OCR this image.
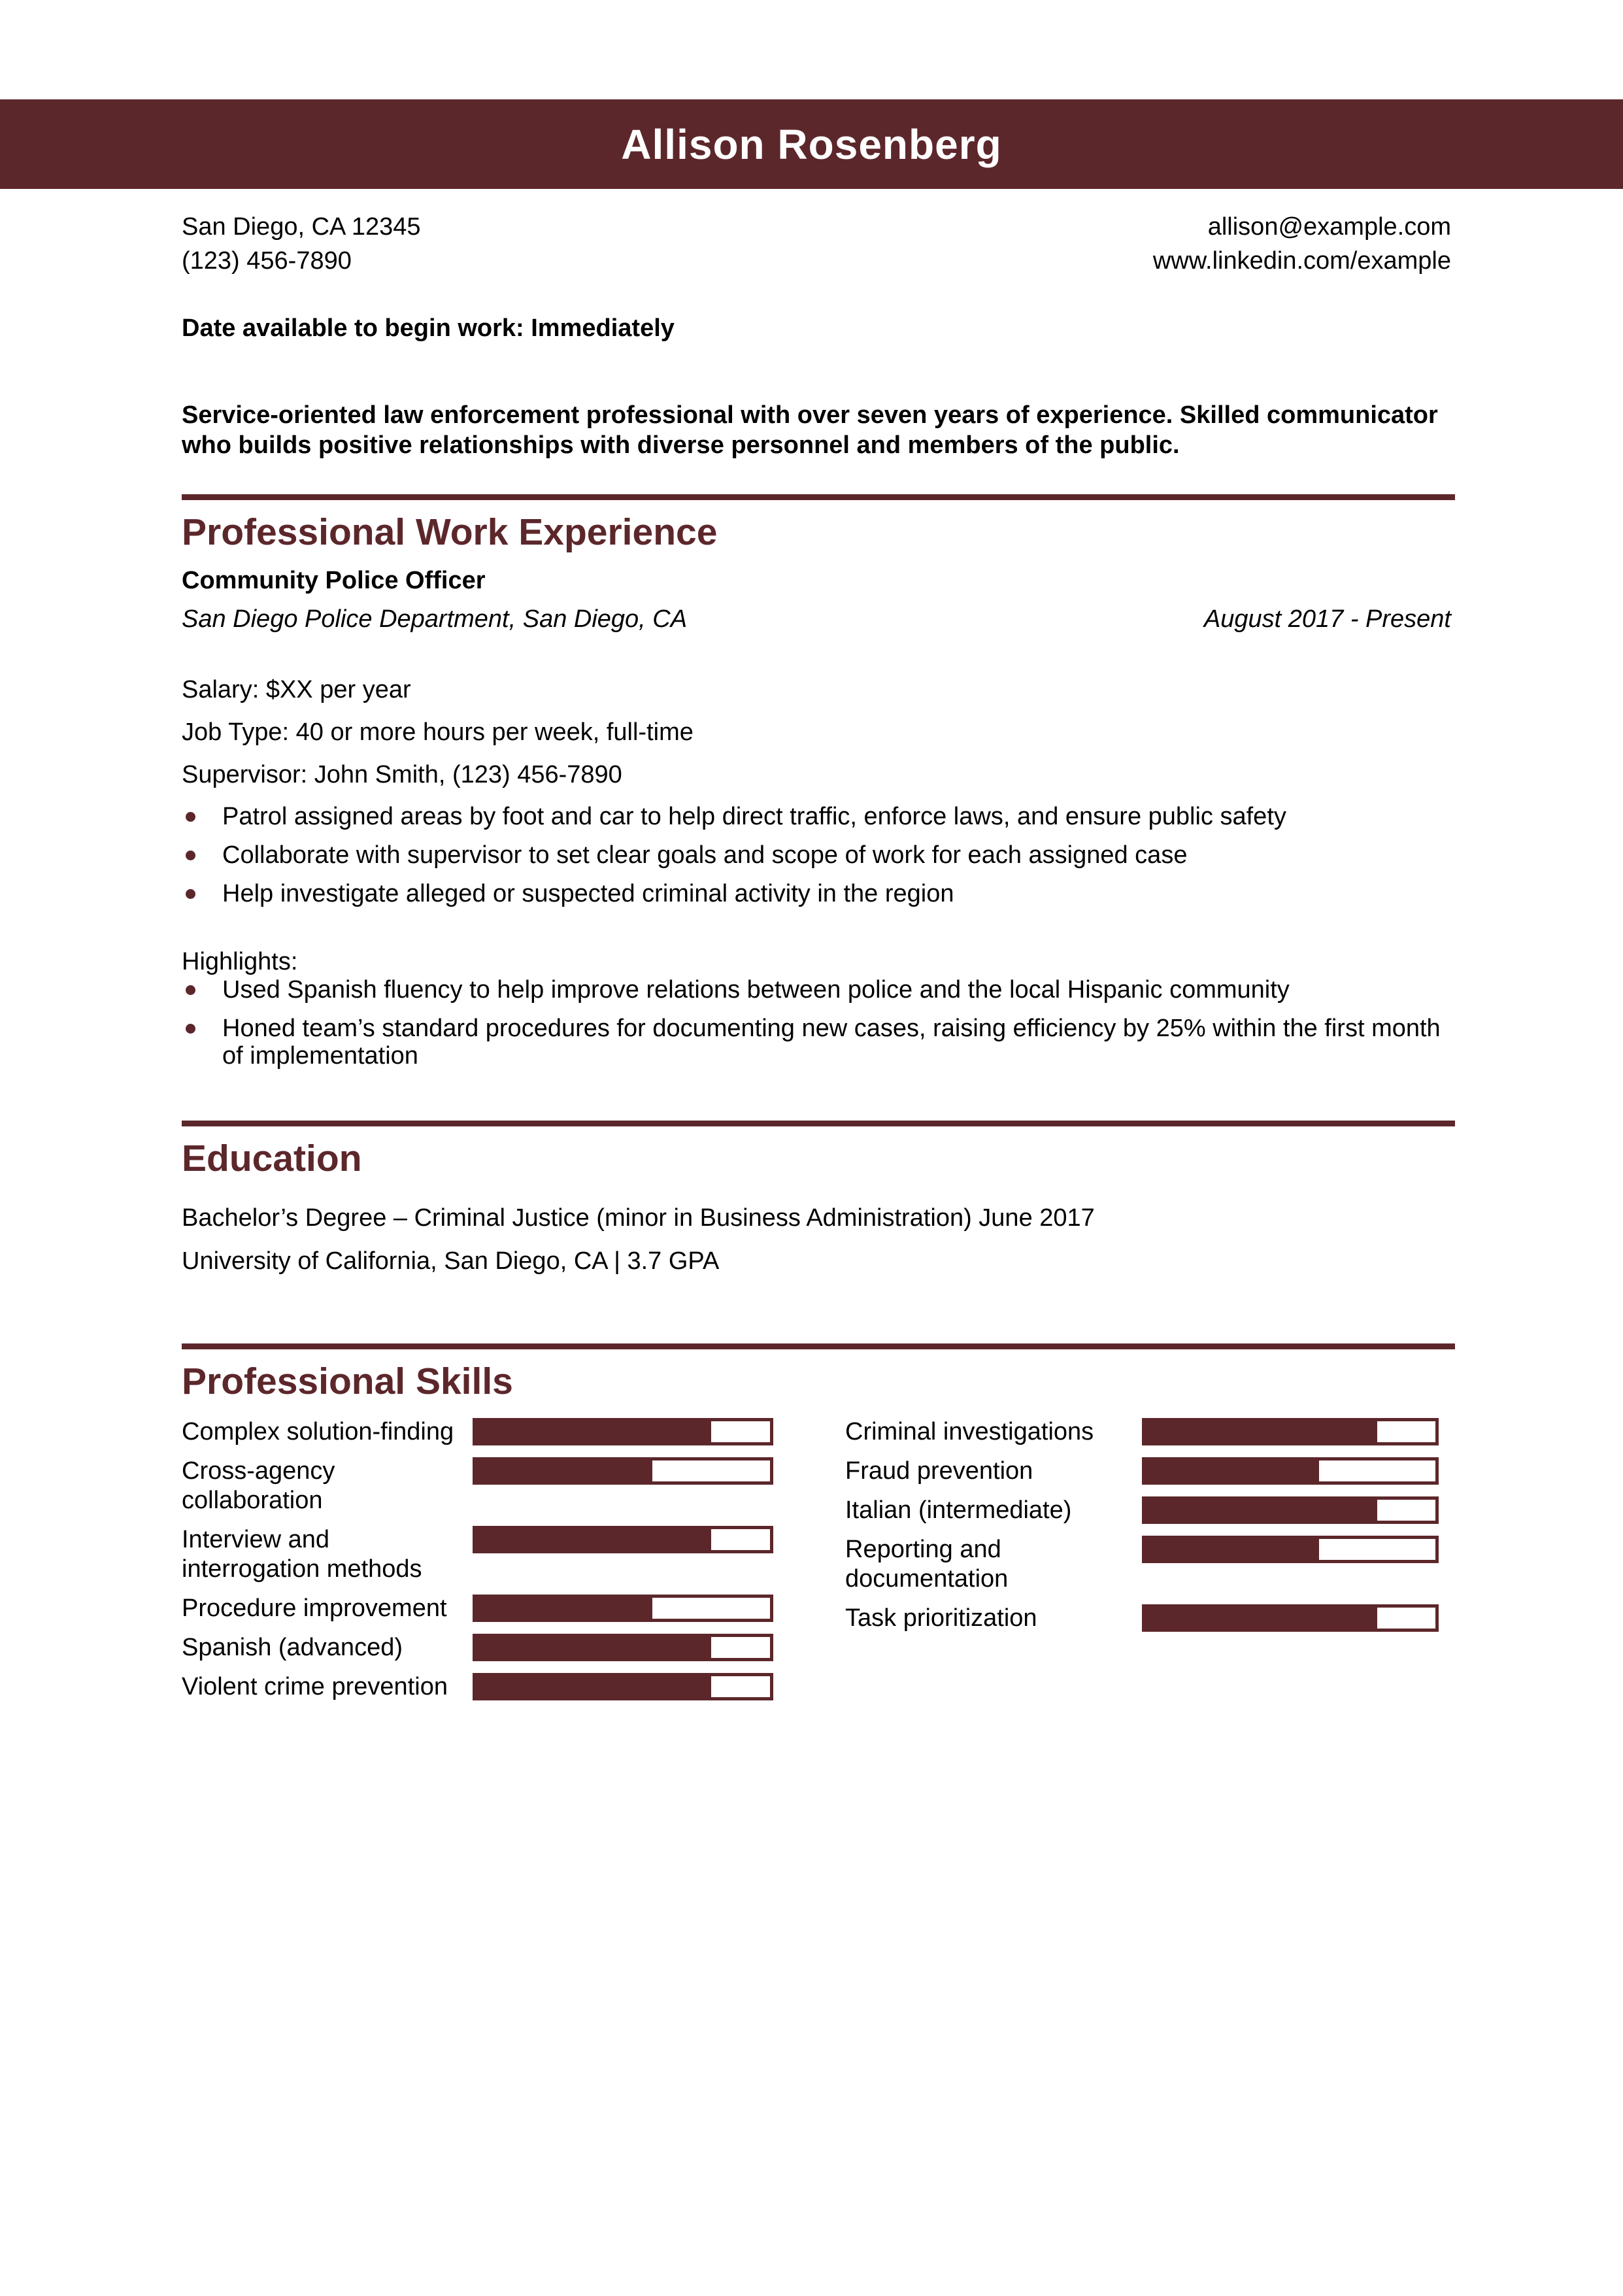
Allison Rosenberg
San Diego, CA 12345
(123) 456-7890
allison@example.com
www.linkedin.com/example

Date available to begin work: Immediately

Service-oriented law enforcement professional with over seven years of experience. Skilled communicator who builds positive relationships with diverse personnel and members of the public.

Professional Work Experience

Community Police Officer

San Diego Police Department, San Diego, CA	August 2017 - Present

Salary: $XX per year

Job Type: 40 or more hours per week, full-time

Supervisor: John Smith, (123) 456-7890

Patrol assigned areas by foot and car to help direct traffic, enforce laws, and ensure public safety
Collaborate with supervisor to set clear goals and scope of work for each assigned case
Help investigate alleged or suspected criminal activity in the region

Highlights:

Used Spanish fluency to help improve relations between police and the local Hispanic community
Honed team’s standard procedures for documenting new cases, raising efficiency by 25% within the first month of implementation
Education

Bachelor’s Degree – Criminal Justice (minor in Business Administration) June 2017

University of California, San Diego, CA | 3.7 GPA

Professional Skills
Complex solution-finding
Cross-agency collaboration
Interview and interrogation methods
Procedure improvement
Spanish (advanced)
Violent crime prevention
Criminal investigations
Fraud prevention
Italian (intermediate)
Reporting and documentation
Task prioritization
